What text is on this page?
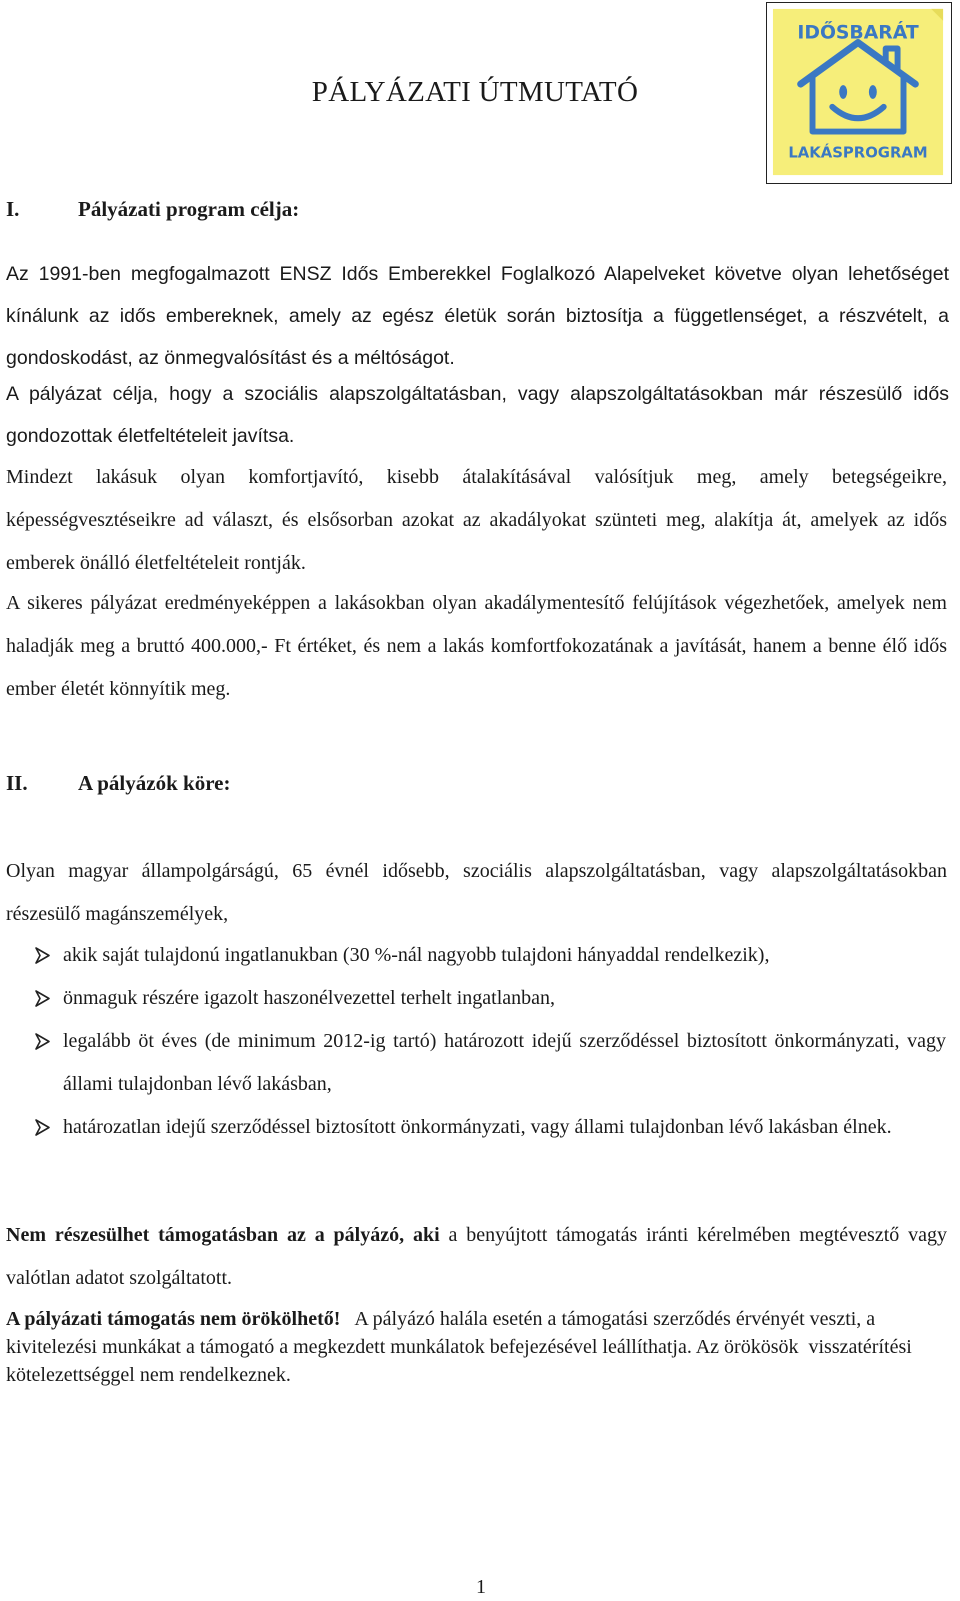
IDŐSBARÁT
LAKÁSPROGRAM
PÁLYÁZATI ÚTMUTATÓ
I.	Pályázati program célja:

Az 1991-ben megfogalmazott ENSZ Idős Emberekkel Foglalkozó Alapelveket követve olyan lehetőséget kínálunk az idős embereknek, amely az egész életük során biztosítja a függetlenséget, a részvételt, a gondoskodást, az önmegvalósítást és a méltóságot.

A pályázat célja, hogy a szociális alapszolgáltatásban, vagy alapszolgáltatásokban már részesülő idős gondozottak életfeltételeit javítsa.

Mindezt lakásuk olyan komfortjavító, kisebb átalakításával valósítjuk meg, amely betegségeikre, képességvesztéseikre ad választ, és elsősorban azokat az akadályokat szünteti meg, alakítja át, amelyek az idős emberek önálló életfeltételeit rontják.

A sikeres pályázat eredményeképpen a lakásokban olyan akadálymentesítő felújítások végezhetőek, amelyek nem haladják meg a bruttó 400.000,- Ft értéket, és nem a lakás komfortfokozatának a javítását, hanem a benne élő idős ember életét könnyítik meg.

II. A pályázók köre:

Olyan magyar állampolgárságú, 65 évnél idősebb, szociális alapszolgáltatásban, vagy alapszolgáltatásokban részesülő magánszemélyek,

akik saját tulajdonú ingatlanukban (30 %-nál nagyobb tulajdoni hányaddal rendelkezik),
önmaguk részére igazolt haszonélvezettel terhelt ingatlanban,
legalább öt éves (de minimum 2012-ig tartó) határozott idejű szerződéssel biztosított önkormányzati, vagy állami tulajdonban lévő lakásban,
határozatlan idejű szerződéssel biztosított önkormányzati, vagy állami tulajdonban lévő lakásban élnek.

Nem részesülhet támogatásban az a pályázó, aki a benyújtott támogatás iránti kérelmében megtévesztő vagy valótlan adatot szolgáltatott.

A pályázati támogatás nem örökölhető!   A pályázó halála esetén a támogatási szerződés érvényét veszti, a kivitelezési munkákat a támogató a megkezdett munkálatok befejezésével leállíthatja. Az örökösök  visszatérítési kötelezettséggel nem rendelkeznek.

1
